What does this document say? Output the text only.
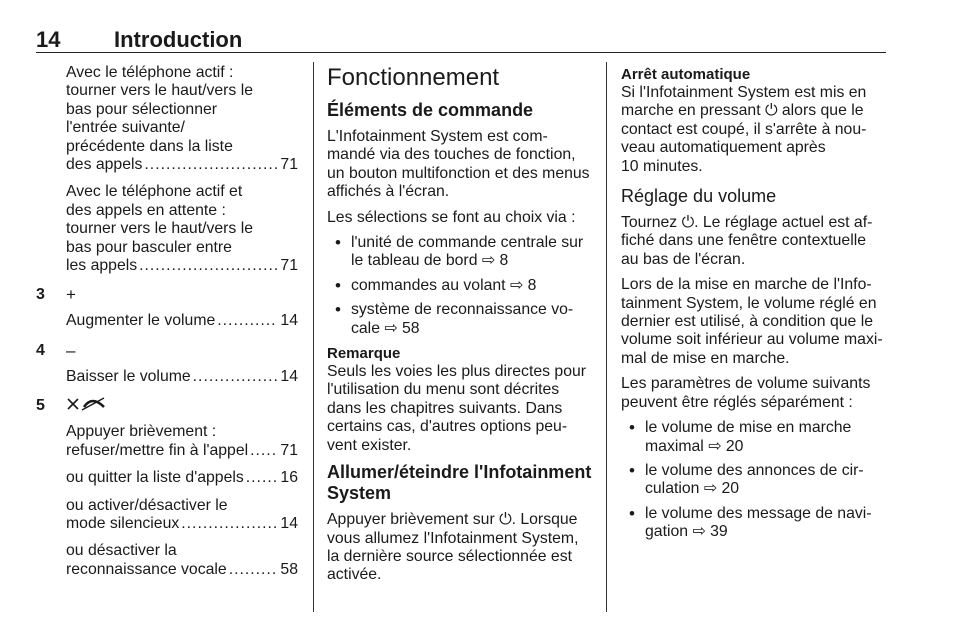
14 Introduction
Avec le téléphone actif :
tourner vers le haut/vers le
bas pour sélectionner
l'entrée suivante/
précédente dans la liste
des appels .....	71
Avec le téléphone actif et
des appels en attente :
tourner vers le haut/vers le
bas pour basculer entre
les appels .....	71
3	+
Augmenter le volume .....	14
4	–
Baisser le volume .....	14
5
Appuyer brièvement :
refuser/mettre fin à l'appel ..... 71
ou quitter la liste d'appels ..... 16
ou activer/désactiver le
mode silencieux .....	14
ou désactiver la
reconnaissance vocale .....	58
Fonctionnement
Éléments de commande

L'Infotainment System est com-
mandé via des touches de fonction,
un bouton multifonction et des menus
affichés à l'écran.

Les sélections se font au choix via :

• l'unité de commande centrale sur
le tableau de bord ⇨ 8
• commandes au volant ⇨ 8
• système de reconnaissance vo-
cale ⇨ 58
Remarque

Seuls les voies les plus directes pour
l'utilisation du menu sont décrites
dans les chapitres suivants. Dans
certains cas, d'autres options peu-
vent exister.

Allumer/éteindre l'Infotainment
System

Appuyer brièvement sur ⏻. Lorsque
vous allumez l'Infotainment System,
la dernière source sélectionnée est
activée.

Arrêt automatique

Si l'Infotainment System est mis en
marche en pressant ⏻ alors que le
contact est coupé, il s'arrête à nou-
veau automatiquement après
10 minutes.

Réglage du volume

Tournez ⏻. Le réglage actuel est af-
fiché dans une fenêtre contextuelle
au bas de l'écran.

Lors de la mise en marche de l'Info-
tainment System, le volume réglé en
dernier est utilisé, à condition que le
volume soit inférieur au volume maxi-
mal de mise en marche.

Les paramètres de volume suivants
peuvent être réglés séparément :

• le volume de mise en marche
maximal ⇨ 20
• le volume des annonces de cir-
culation ⇨ 20
• le volume des message de navi-
gation ⇨ 39
